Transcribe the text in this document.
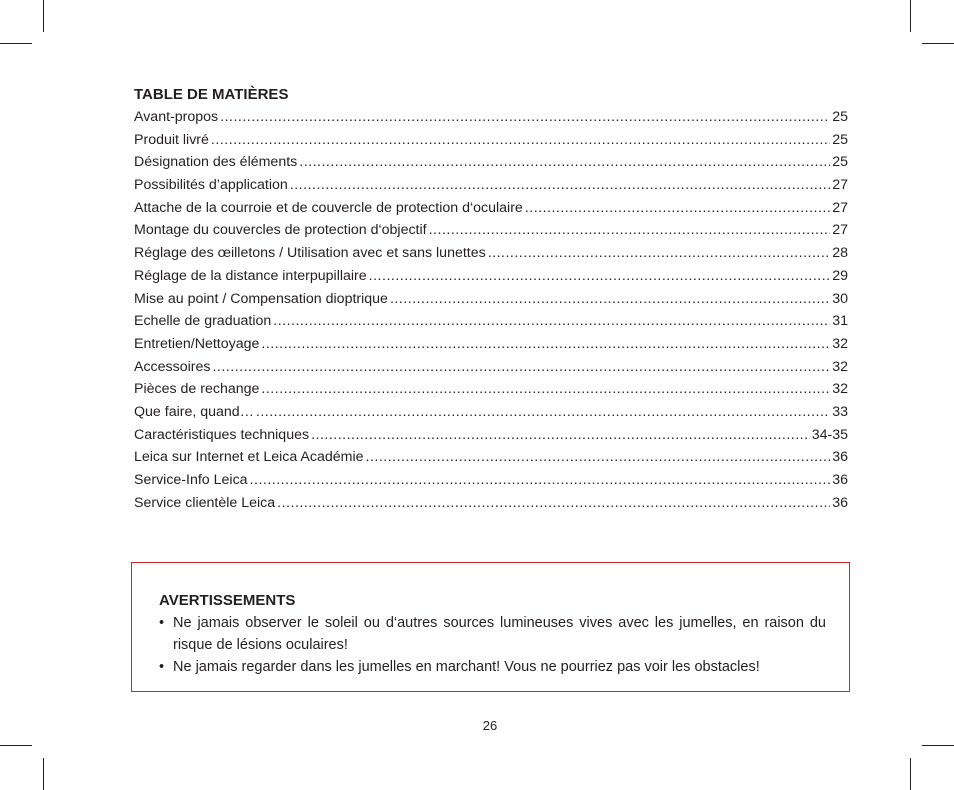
TABLE DE MATIÈRES
Avant-propos .....	25
Produit livré .....	25
Désignation des éléments .....	25
Possibilités d’application .....	27
Attache de la courroie et de couvercle de protection d‘oculaire .....	27
Montage du couvercles de protection d‘objectif .....	27
Réglage des œilletons / Utilisation avec et sans lunettes .....	28
Réglage de la distance interpupillaire .....	29
Mise au point / Compensation dioptrique .....	30
Echelle de graduation .....	31
Entretien/Nettoyage .....	32
Accessoires .....	32
Pièces de rechange .....	32
Que faire, quand… .....	33
Caractéristiques techniques .....	34-35
Leica sur Internet et Leica Académie .....	36
Service-Info Leica .....	36
Service clientèle Leica .....	36
AVERTISSEMENTS
• Ne jamais observer le soleil ou d‘autres sources lumineuses vives avec les jumelles, en raison du risque de lésions oculaires!
• Ne jamais regarder dans les jumelles en marchant! Vous ne pourriez pas voir les obstacles!
26
